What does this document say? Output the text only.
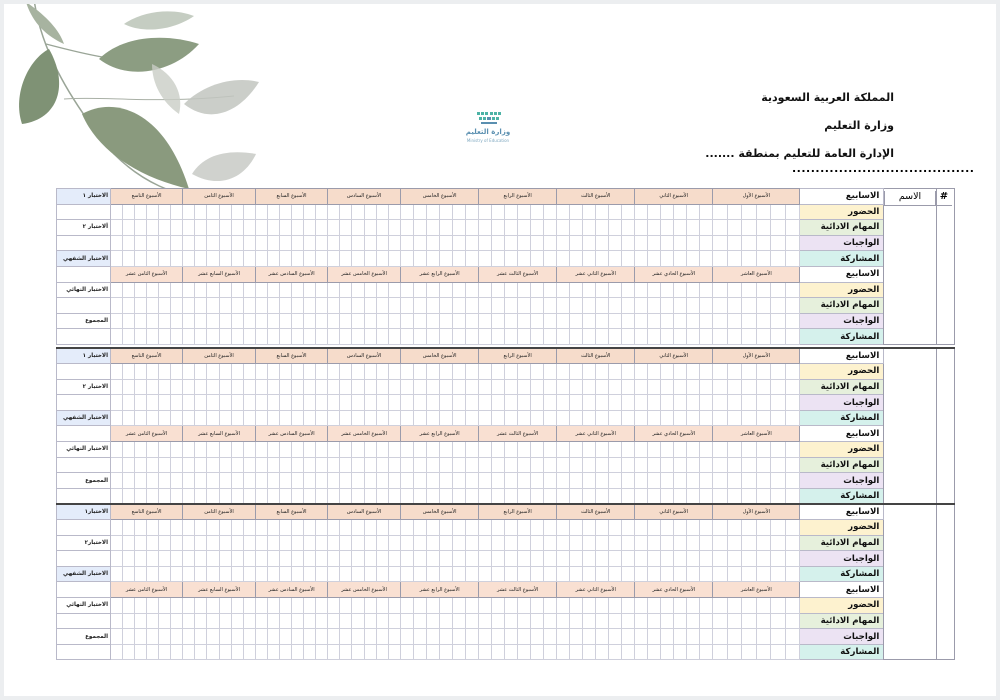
وزارة التعليم
Ministry of Education
المملكة العربية السعودية
وزارة التعليم
الإدارة العامة للتعليم بمنطقة .......
.......................................
الاختبار ١	الأسبوع التاسع						الأسبوع الثامن						الأسبوع السابع						الأسبوع السادس						الأسبوع الخامس						الأسبوع الرابع						الأسبوع الثالث						الأسبوع الثاني						الأسبوع الأول						الاسابيع		
																																																							الحضور		
ألاختبار ٢																																																							المهام الادائية		
																																																							الواجبات		
الاختبار الشفهي																																																							المشاركة		
	الأسبوع الثامن عشر						الأسبوع السابع عشر						الأسبوع السادس عشر						الأسبوع الخامس عشر						الأسبوع الرابع عشر						الأسبوع الثالث عشر						الأسبوع الثاني عشر						الأسبوع الحادي عشر						الأسبوع العاشر						الاسابيع		
الاختبار النهائي																																																							الحضور		
																																																							المهام الادائية		
المجموع																																																							الواجبات		
																																																							المشاركة		
الاختبار ١	الأسبوع التاسع						الأسبوع الثامن						الأسبوع السابع						الأسبوع السادس						الأسبوع الخامس						الأسبوع الرابع						الأسبوع الثالث						الأسبوع الثاني						الأسبوع الأول						الاسابيع		
																																																							الحضور		
الاختبار ٢																																																							المهام الادائية		
																																																							الواجبات		
الاختبار الشفهي																																																							المشاركة		
	الأسبوع الثامن عشر						الأسبوع السابع عشر						الأسبوع السادس عشر						الأسبوع الخامس عشر						الأسبوع الرابع عشر						الأسبوع الثالث عشر						الأسبوع الثاني عشر						الأسبوع الحادي عشر						الأسبوع العاشر						الاسابيع		
الاختبار النهائي																																																							الحضور		
																																																							المهام الادائية		
المجموع																																																							الواجبات		
																																																							المشاركة		
الاختبار١	الأسبوع التاسع						الأسبوع الثامن						الأسبوع السابع						الأسبوع السادس						الأسبوع الخامس						الأسبوع الرابع						الأسبوع الثالث						الأسبوع الثاني						الأسبوع الأول						الاسابيع		
																																																							الحضور		
الاختبار٢																																																							المهام الادائية		
																																																							الواجبات		
الاختبار الشفهي																																																							المشاركة		
	الأسبوع الثامن عشر						الأسبوع السابع عشر						الأسبوع السادس عشر						الأسبوع الخامس عشر						الأسبوع الرابع عشر						الأسبوع الثالث عشر						الأسبوع الثاني عشر						الأسبوع الحادي عشر						الأسبوع العاشر						الاسابيع		
الاختبار النهائي																																																							الحضور		
																																																							المهام الادائية		
المجموع																																																							الواجبات		
																																																							المشاركة		
الاسم	#
